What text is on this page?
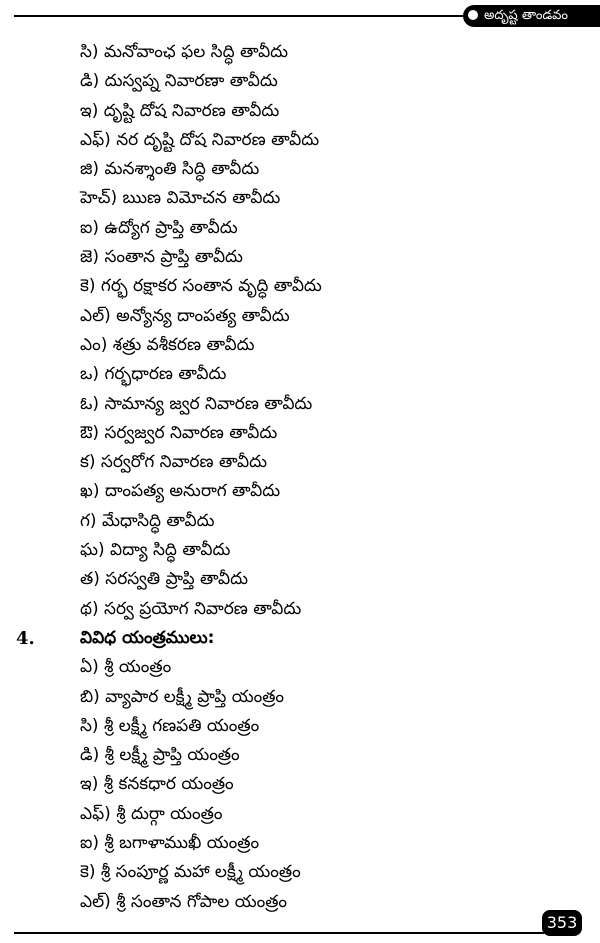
అదృష్ట తాండవం
సి) మనోవాంఛ ఫల సిద్ధి తావీదు
డి) దుస్వప్న నివారణా తావీదు
ఇ) దృష్టి దోష నివారణ తావీదు
ఎఫ్) నర దృష్టి దోష నివారణ తావీదు
జి) మనశ్శాంతి సిద్ధి తావీదు
హెచ్) ఋణ విమోచన తావీదు
ఐ) ఉద్యోగ ప్రాప్తి తావీదు
జె) సంతాన ప్రాప్తి తావీదు
కె) గర్భ రక్షాకర సంతాన వృద్ధి తావీదు
ఎల్) అన్యోన్య దాంపత్య తావీదు
ఎం) శత్రు వశీకరణ తావీదు
ఒ) గర్భధారణ తావీదు
ఓ) సామాన్య జ్వర నివారణ తావీదు
ఔ) సర్వజ్వర నివారణ తావీదు
క) సర్వరోగ నివారణ తావీదు
ఖ) దాంపత్య అనురాగ తావీదు
గ) మేధాసిద్ధి తావీదు
ఘ) విద్యా సిద్ధి తావీదు
త) సరస్వతి ప్రాప్తి తావీదు
థ) సర్వ ప్రయోగ నివారణ తావీదు
4.	వివిధ యంత్రములు:
ఏ) శ్రీ యంత్రం
బి) వ్యాపార లక్ష్మీ ప్రాప్తి యంత్రం
సి) శ్రీ లక్ష్మీ గణపతి యంత్రం
డి) శ్రీ లక్ష్మీ ప్రాప్తి యంత్రం
ఇ) శ్రీ కనకధార యంత్రం
ఎఫ్) శ్రీ దుర్గా యంత్రం
ఐ) శ్రీ బగాళాముఖీ యంత్రం
కె) శ్రీ సంపూర్ణ మహా లక్ష్మీ యంత్రం
ఎల్) శ్రీ సంతాన గోపాల యంత్రం
353
